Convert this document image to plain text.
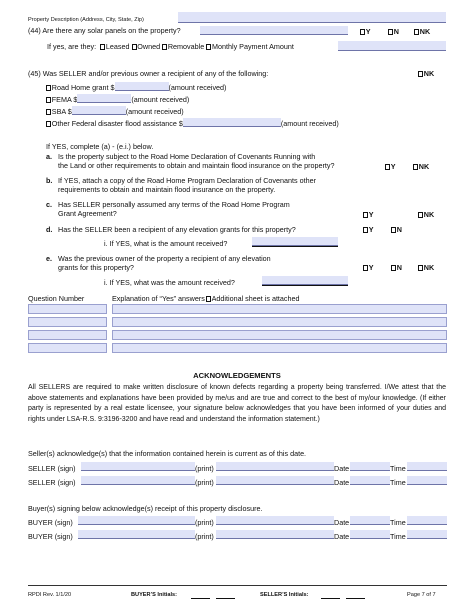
Property Description (Address, City, State, Zip)
(44) Are there any solar panels on the property?	Y	N	NK
If yes, are they: Leased Owned Removable Monthly Payment Amount
(45) Was SELLER and/or previous owner a recipient of any of the following:	NK
Road Home grant $	(amount received)
FEMA $	(amount received)
SBA $	(amount received)
Other Federal disaster flood assistance $	(amount received)
If YES, complete (a) - (e.i.) below.
a. Is the property subject to the Road Home Declaration of Covenants Running with
the Land or other requirements to obtain and maintain flood insurance on the property?	Y	NK
b. If YES, attach a copy of the Road Home Program Declaration of Covenants other
requirements to obtain and maintain flood insurance on the property.
c. Has SELLER personally assumed any terms of the Road Home Program
Grant Agreement?	Y	NK
d. Has the SELLER been a recipient of any elevation grants for this property?	Y	N
i. If YES, what is the amount received?
e. Was the previous owner of the property a recipient of any elevation
grants for this property?	Y	N	NK
i. If YES, what was the amount received?
Question Number	Explanation of “Yes” answers Additional sheet is attached
ACKNOWLEDGEMENTS
All SELLERS are required to make written disclosure of known defects regarding a property being transferred. I/We attest that the above statements and explanations have been provided by me/us and are true and correct to the best of my/our knowledge. (If either party is represented by a real estate licensee, your signature below acknowledges that you have been informed of your duties and rights under LSA-R.S. 9:3196-3200 and have read and understand the information statement.)
Seller(s) acknowledge(s) that the information contained herein is current as of this date.
SELLER (sign)	(print)	Date	Time
SELLER (sign)	(print)	Date	Time
Buyer(s) signing below acknowledge(s) receipt of this property disclosure.
BUYER (sign)	(print)	Date	Time
BUYER (sign)	(print)	Date	Time
RPDI Rev. 1/1/20	BUYER’S Initials:	SELLER’S Initials:	Page 7 of 7
